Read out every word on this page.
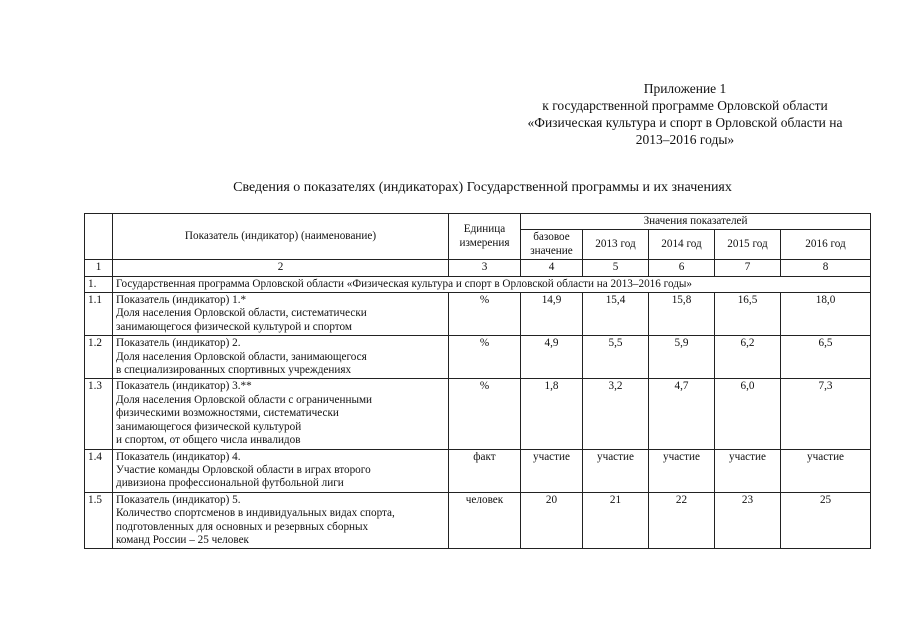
Приложение 1
к государственной программе Орловской области
«Физическая культура и спорт в Орловской области на
2013–2016 годы»
Сведения о показателях (индикаторах) Государственной программы и их значениях
	Показатель (индикатор) (наименование)	Единица измерения	Значения показателей				
			базовое значение	2013 год	2014 год	2015 год	2016 год
1	2	3	4	5	6	7	8
1.	Государственная программа Орловской области «Физическая культура и спорт в Орловской области на 2013–2016 годы»						
1.1	Показатель (индикатор) 1.*
Доля населения Орловской области, систематически
занимающегося физической культурой и спортом	%	14,9	15,4	15,8	16,5	18,0
1.2	Показатель (индикатор) 2.
Доля населения Орловской области, занимающегося
в специализированных спортивных учреждениях	%	4,9	5,5	5,9	6,2	6,5
1.3	Показатель (индикатор) 3.**
Доля населения Орловской области с ограниченными
физическими возможностями, систематически
занимающегося физической культурой
и спортом, от общего числа инвалидов	%	1,8	3,2	4,7	6,0	7,3
1.4	Показатель (индикатор) 4.
Участие команды Орловской области в играх второго
дивизиона профессиональной футбольной лиги	факт	участие	участие	участие	участие	участие
1.5	Показатель (индикатор) 5.
Количество спортсменов в индивидуальных видах спорта,
подготовленных для основных и резервных сборных
команд России – 25 человек	человек	20	21	22	23	25
